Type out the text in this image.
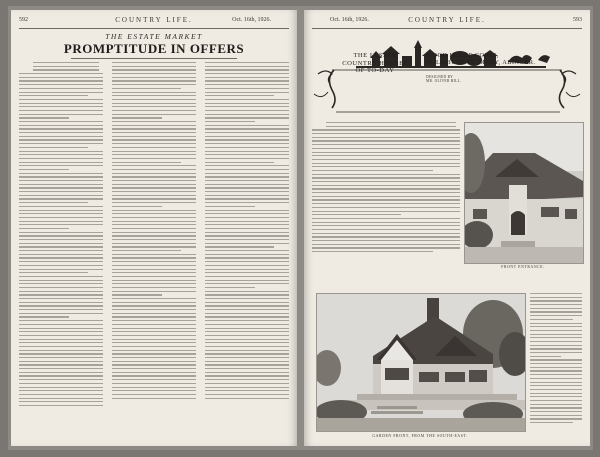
592	COUNTRY LIFE.	Oct. 16th, 1926.
THE ESTATE MARKET
PROMPTITUDE IN OFFERS
Oct. 16th, 1926.	COUNTRY LIFE.	593
THE LESSER
COUNTRY HOUSES
OF TO-DAY
WOOD HOUSE COPSE,
HOLMBURY ST. MARY, ABINGER.
DESIGNED BY
MR. OLIVER HILL.
FRONT ENTRANCE.
GARDEN FRONT, FROM THE SOUTH-EAST.
